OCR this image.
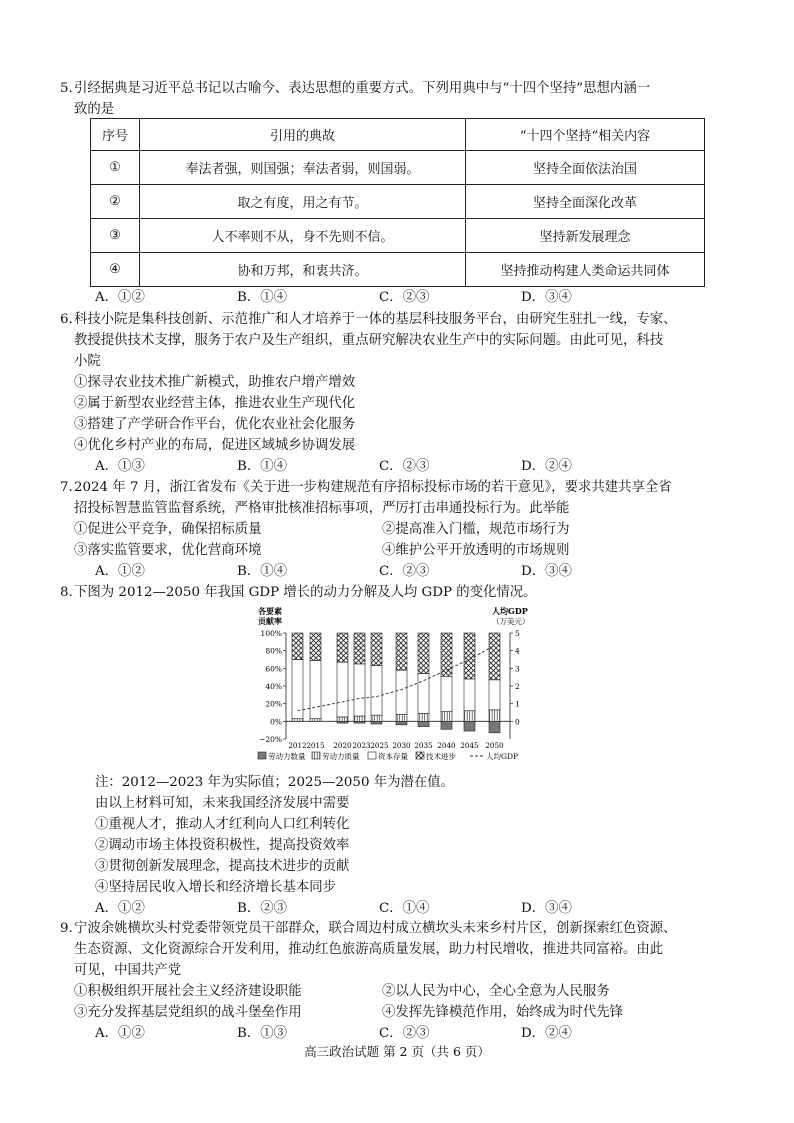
5. 引经据典是习近平总书记以古喻今、表达思想的重要方式。下列用典中与“十四个坚持”思想内涵一
致的是
序号	引用的典故	“十四个坚持“相关内容
①	奉法者强，则国强；奉法者弱，则国弱。	坚持全面依法治国
②	取之有度，用之有节。	坚持全面深化改革
③	人不率则不从，身不先则不信。	坚持新发展理念
④	协和万邦，和衷共济。	坚持推动构建人类命运共同体
A．①②	B．①④	C．②③	D．③④
6. 科技小院是集科技创新、示范推广和人才培养于一体的基层科技服务平台，由研究生驻扎一线，专家、
教授提供技术支撑，服务于农户及生产组织，重点研究解决农业生产中的实际问题。由此可见，科技
小院
①探寻农业技术推广新模式，助推农户增产增效
②属于新型农业经营主体，推进农业生产现代化
③搭建了产学研合作平台，优化农业社会化服务
④优化乡村产业的布局，促进区域城乡协调发展
A．①③	B．①④	C．②③	D．②④
7. 2024 年 7 月，浙江省发布《关于进一步构建规范有序招标投标市场的若干意见》，要求共建共享全省
招投标智慧监管监督系统，严格审批核准招标事项，严厉打击串通投标行为。此举能
①促进公平竞争，确保招标质量	②提高准入门槛，规范市场行为
③落实监管要求，优化营商环境	④维护公平开放透明的市场规则
A．①②	B．①④	C．②③	D．③④
8. 下图为 2012—2050 年我国 GDP 增长的动力分解及人均 GDP 的变化情况。
各要素
贡献率
人均GDP
（万美元）
100%
80%
60%
40%
20%
0%
−20%
5
4
3
2
1
0
2012 2015 2020 2023 2025 2030 2035 2040 2045 2050
劳动力数量 劳动力质量 资本存量 技术进步	人均GDP
注：2012—2023 年为实际值；2025—2050 年为潜在值。
由以上材料可知，未来我国经济发展中需要
①重视人才，推动人才红利向人口红利转化
②调动市场主体投资积极性，提高投资效率
③贯彻创新发展理念，提高技术进步的贡献
④坚持居民收入增长和经济增长基本同步
A．①②	B．②③	C．①④	D．③④
9. 宁波余姚横坎头村党委带领党员干部群众，联合周边村成立横坎头未来乡村片区，创新探索红色资源、
生态资源、文化资源综合开发利用，推动红色旅游高质量发展，助力村民增收，推进共同富裕。由此
可见，中国共产党
①积极组织开展社会主义经济建设职能	②以人民为中心，全心全意为人民服务
③充分发挥基层党组织的战斗堡垒作用	④发挥先锋模范作用，始终成为时代先锋
A．①②	B．①③	C．②③	D．②④
高三政治试题 第 2 页（共 6 页）
